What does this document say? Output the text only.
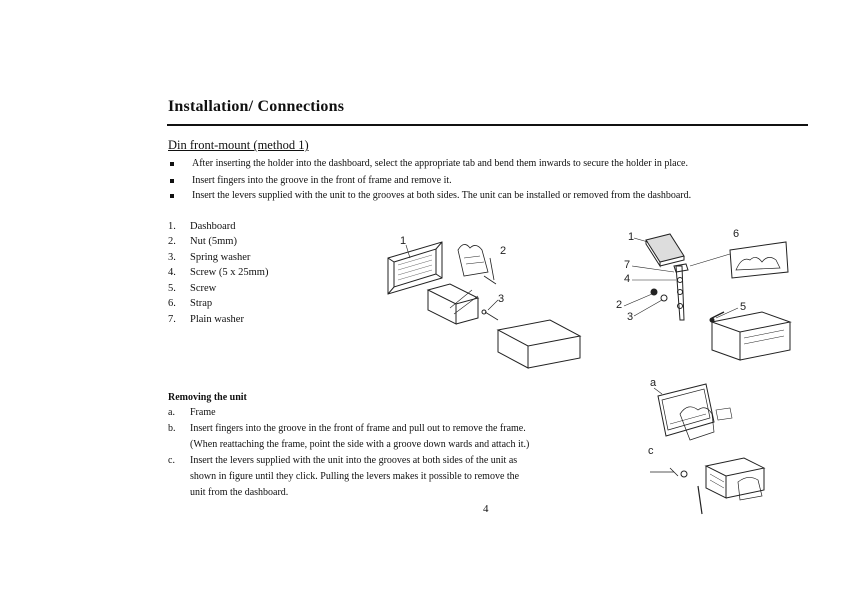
Installation/ Connections
Din front-mount (method 1)
After inserting the holder into the dashboard, select the appropriate tab and bend them inwards to secure the holder in place.
Insert fingers into the groove in the front of frame and remove it.
Insert the levers supplied with the unit to the grooves at both sides. The unit can be installed or removed from the dashboard.
1. Dashboard
2. Nut (5mm)
3. Spring washer
4. Screw (5 x 25mm)
5. Screw
6. Strap
7. Plain washer
1
2
3
1	6
7
4
2
3
5
a
c
Removing the unit
a. Frame
b. Insert fingers into the groove in the front of frame and pull out to remove the frame.
(When reattaching the frame, point the side with a groove down wards and attach it.)
c. Insert the levers supplied with the unit into the grooves at both sides of the unit as
shown in figure until they click. Pulling the levers makes it possible to remove the
unit from the dashboard.
4
